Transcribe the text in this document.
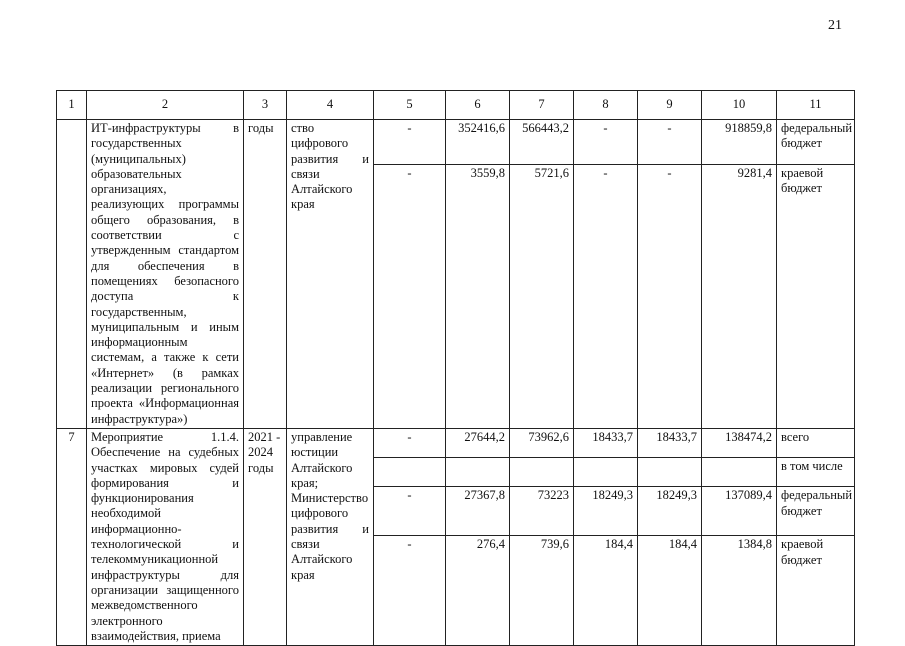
21
1	2	3	4	5	6	7	8	9	10	11
	ИТ-инфраструктуры в государственных (муниципальных) образовательных организациях, реализующих программы общего образования, в соответствии с утвержденным стандартом для обеспечения в помещениях безопасного доступа к государственным, муниципальным и иным информационным системам, а также к сети «Интернет» (в рамках реализации регионального проекта «Информационная инфраструктура»)	годы	ство цифрового развития и связи Алтайского края	-	352416,6	566443,2	-	-	918859,8	федеральный бюджет
				-	3559,8	5721,6	-	-	9281,4	краевой бюджет
7	Мероприятие 1.1.4. Обеспечение на судебных участках мировых судей формирования и функционирования необходимой информационно-технологической и телекоммуникационной инфраструктуры для организации защищенного межведомственного электронного взаимодействия, приема	2021 - 2024 годы	управление юстиции Алтайского края; Министерство цифрового развития и связи Алтайского края	-	27644,2	73962,6	18433,7	18433,7	138474,2	всего
										в том числе
				-	27367,8	73223	18249,3	18249,3	137089,4	федеральный бюджет
				-	276,4	739,6	184,4	184,4	1384,8	краевой бюджет
